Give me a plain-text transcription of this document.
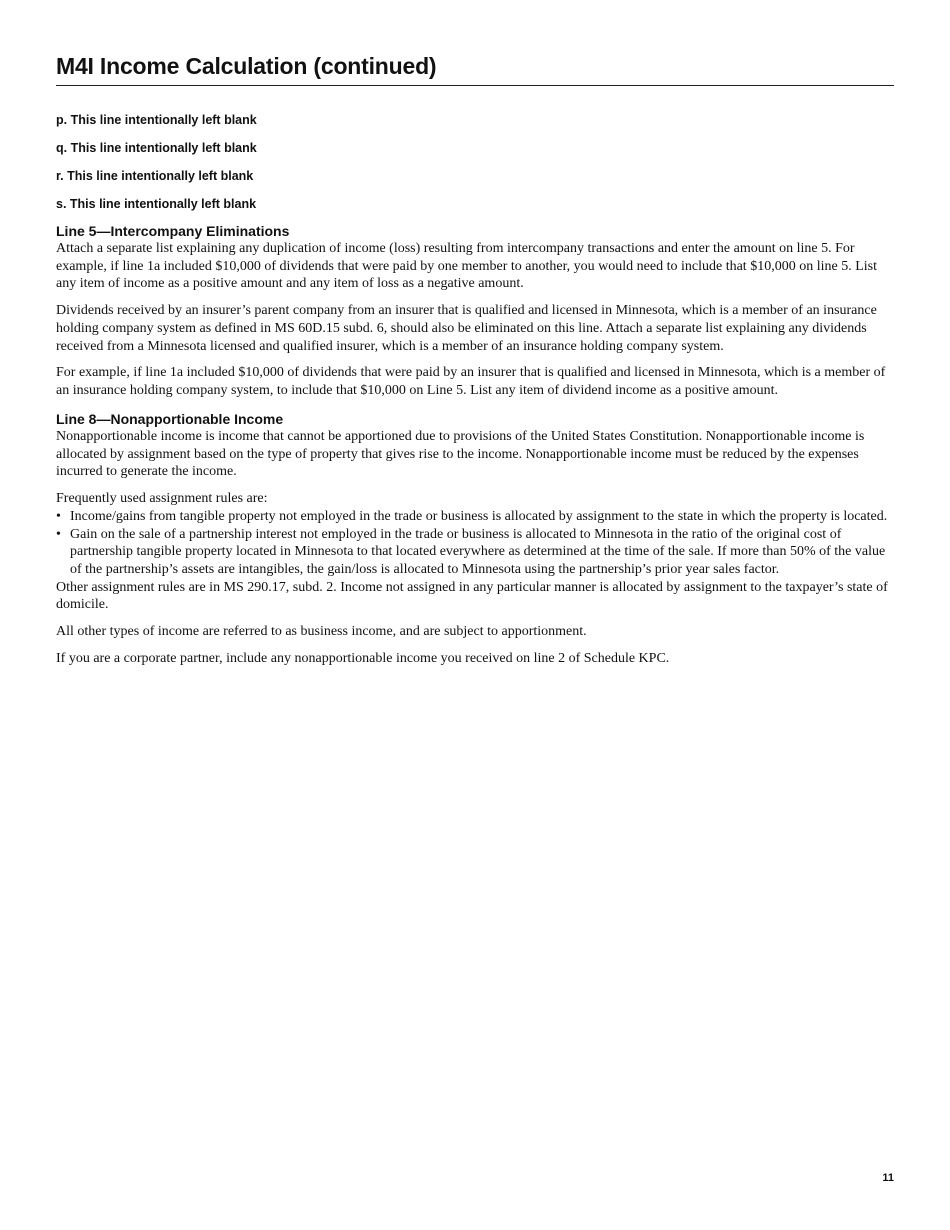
M4I Income Calculation (continued)

p. This line intentionally left blank

q. This line intentionally left blank

r. This line intentionally left blank

s. This line intentionally left blank

Line 5—Intercompany Eliminations

Attach a separate list explaining any duplication of income (loss) resulting from intercompany transactions and enter the amount on line 5. For example, if line 1a included $10,000 of dividends that were paid by one member to another, you would need to include that $10,000 on line 5. List any item of income as a positive amount and any item of loss as a negative amount.

Dividends received by an insurer’s parent company from an insurer that is qualified and licensed in Minnesota, which is a member of an insurance holding company system as defined in MS 60D.15 subd. 6, should also be eliminated on this line. Attach a separate list explaining any dividends received from a Minnesota licensed and qualified insurer, which is a member of an insurance holding company system.

For example, if line 1a included $10,000 of dividends that were paid by an insurer that is qualified and licensed in Minnesota, which is a member of an insurance holding company system, to include that $10,000 on Line 5. List any item of dividend income as a positive amount.

Line 8—Nonapportionable Income

Nonapportionable income is income that cannot be apportioned due to provisions of the United States Constitution. Nonapportionable income is allocated by assignment based on the type of property that gives rise to the income. Nonapportionable income must be reduced by the expenses incurred to generate the income.

Frequently used assignment rules are:

• Income/gains from tangible property not employed in the trade or business is allocated by assignment to the state in which the property is located.
• Gain on the sale of a partnership interest not employed in the trade or business is allocated to Minnesota in the ratio of the original cost of partnership tangible property located in Minnesota to that located everywhere as determined at the time of the sale. If more than 50% of the value of the partnership’s assets are intangibles, the gain/loss is allocated to Minnesota using the partnership’s prior year sales factor.

Other assignment rules are in MS 290.17, subd. 2. Income not assigned in any particular manner is allocated by assignment to the taxpayer’s state of domicile.

All other types of income are referred to as business income, and are subject to apportionment.

If you are a corporate partner, include any nonapportionable income you received on line 2 of Schedule KPC.

11
